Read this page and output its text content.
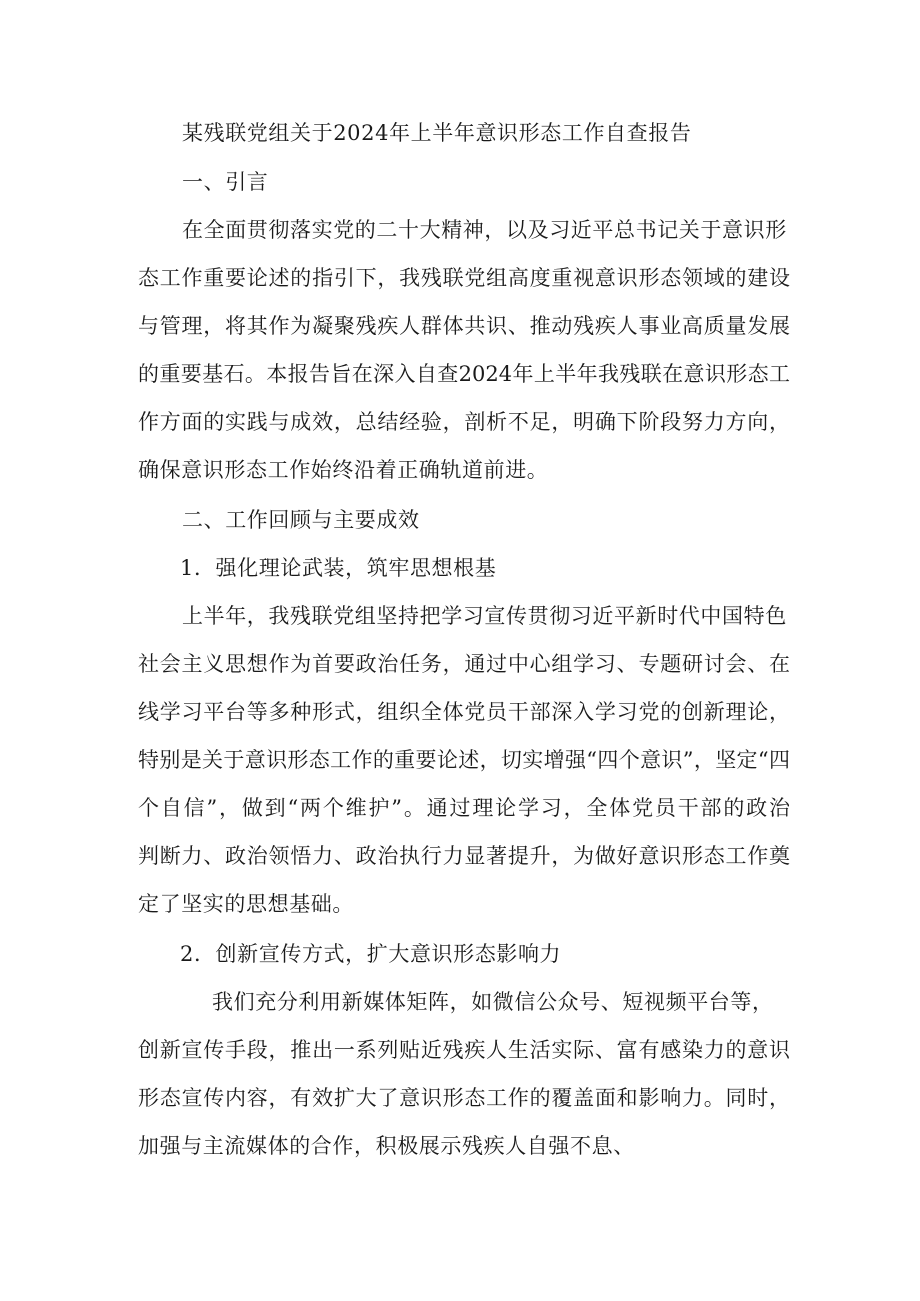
某残联党组关于2024年上半年意识形态工作自查报告
一、引言
在全面贯彻落实党的二十大精神，以及习近平总书记关于意识形
态工作重要论述的指引下，我残联党组高度重视意识形态领域的建设
与管理，将其作为凝聚残疾人群体共识、推动残疾人事业高质量发展
的重要基石。本报告旨在深入自查2024年上半年我残联在意识形态工
作方面的实践与成效，总结经验，剖析不足，明确下阶段努力方向，
确保意识形态工作始终沿着正确轨道前进。
二、工作回顾与主要成效
1．强化理论武装，筑牢思想根基
上半年，我残联党组坚持把学习宣传贯彻习近平新时代中国特色
社会主义思想作为首要政治任务，通过中心组学习、专题研讨会、在
线学习平台等多种形式，组织全体党员干部深入学习党的创新理论，
特别是关于意识形态工作的重要论述，切实增强“四个意识”，坚定“四
个自信”，做到“两个维护”。通过理论学习，全体党员干部的政治
判断力、政治领悟力、政治执行力显著提升，为做好意识形态工作奠
定了坚实的思想基础。
2．创新宣传方式，扩大意识形态影响力
我们充分利用新媒体矩阵，如微信公众号、短视频平台等，
创新宣传手段，推出一系列贴近残疾人生活实际、富有感染力的意识
形态宣传内容，有效扩大了意识形态工作的覆盖面和影响力。同时，
加强与主流媒体的合作，积极展示残疾人自强不息、
